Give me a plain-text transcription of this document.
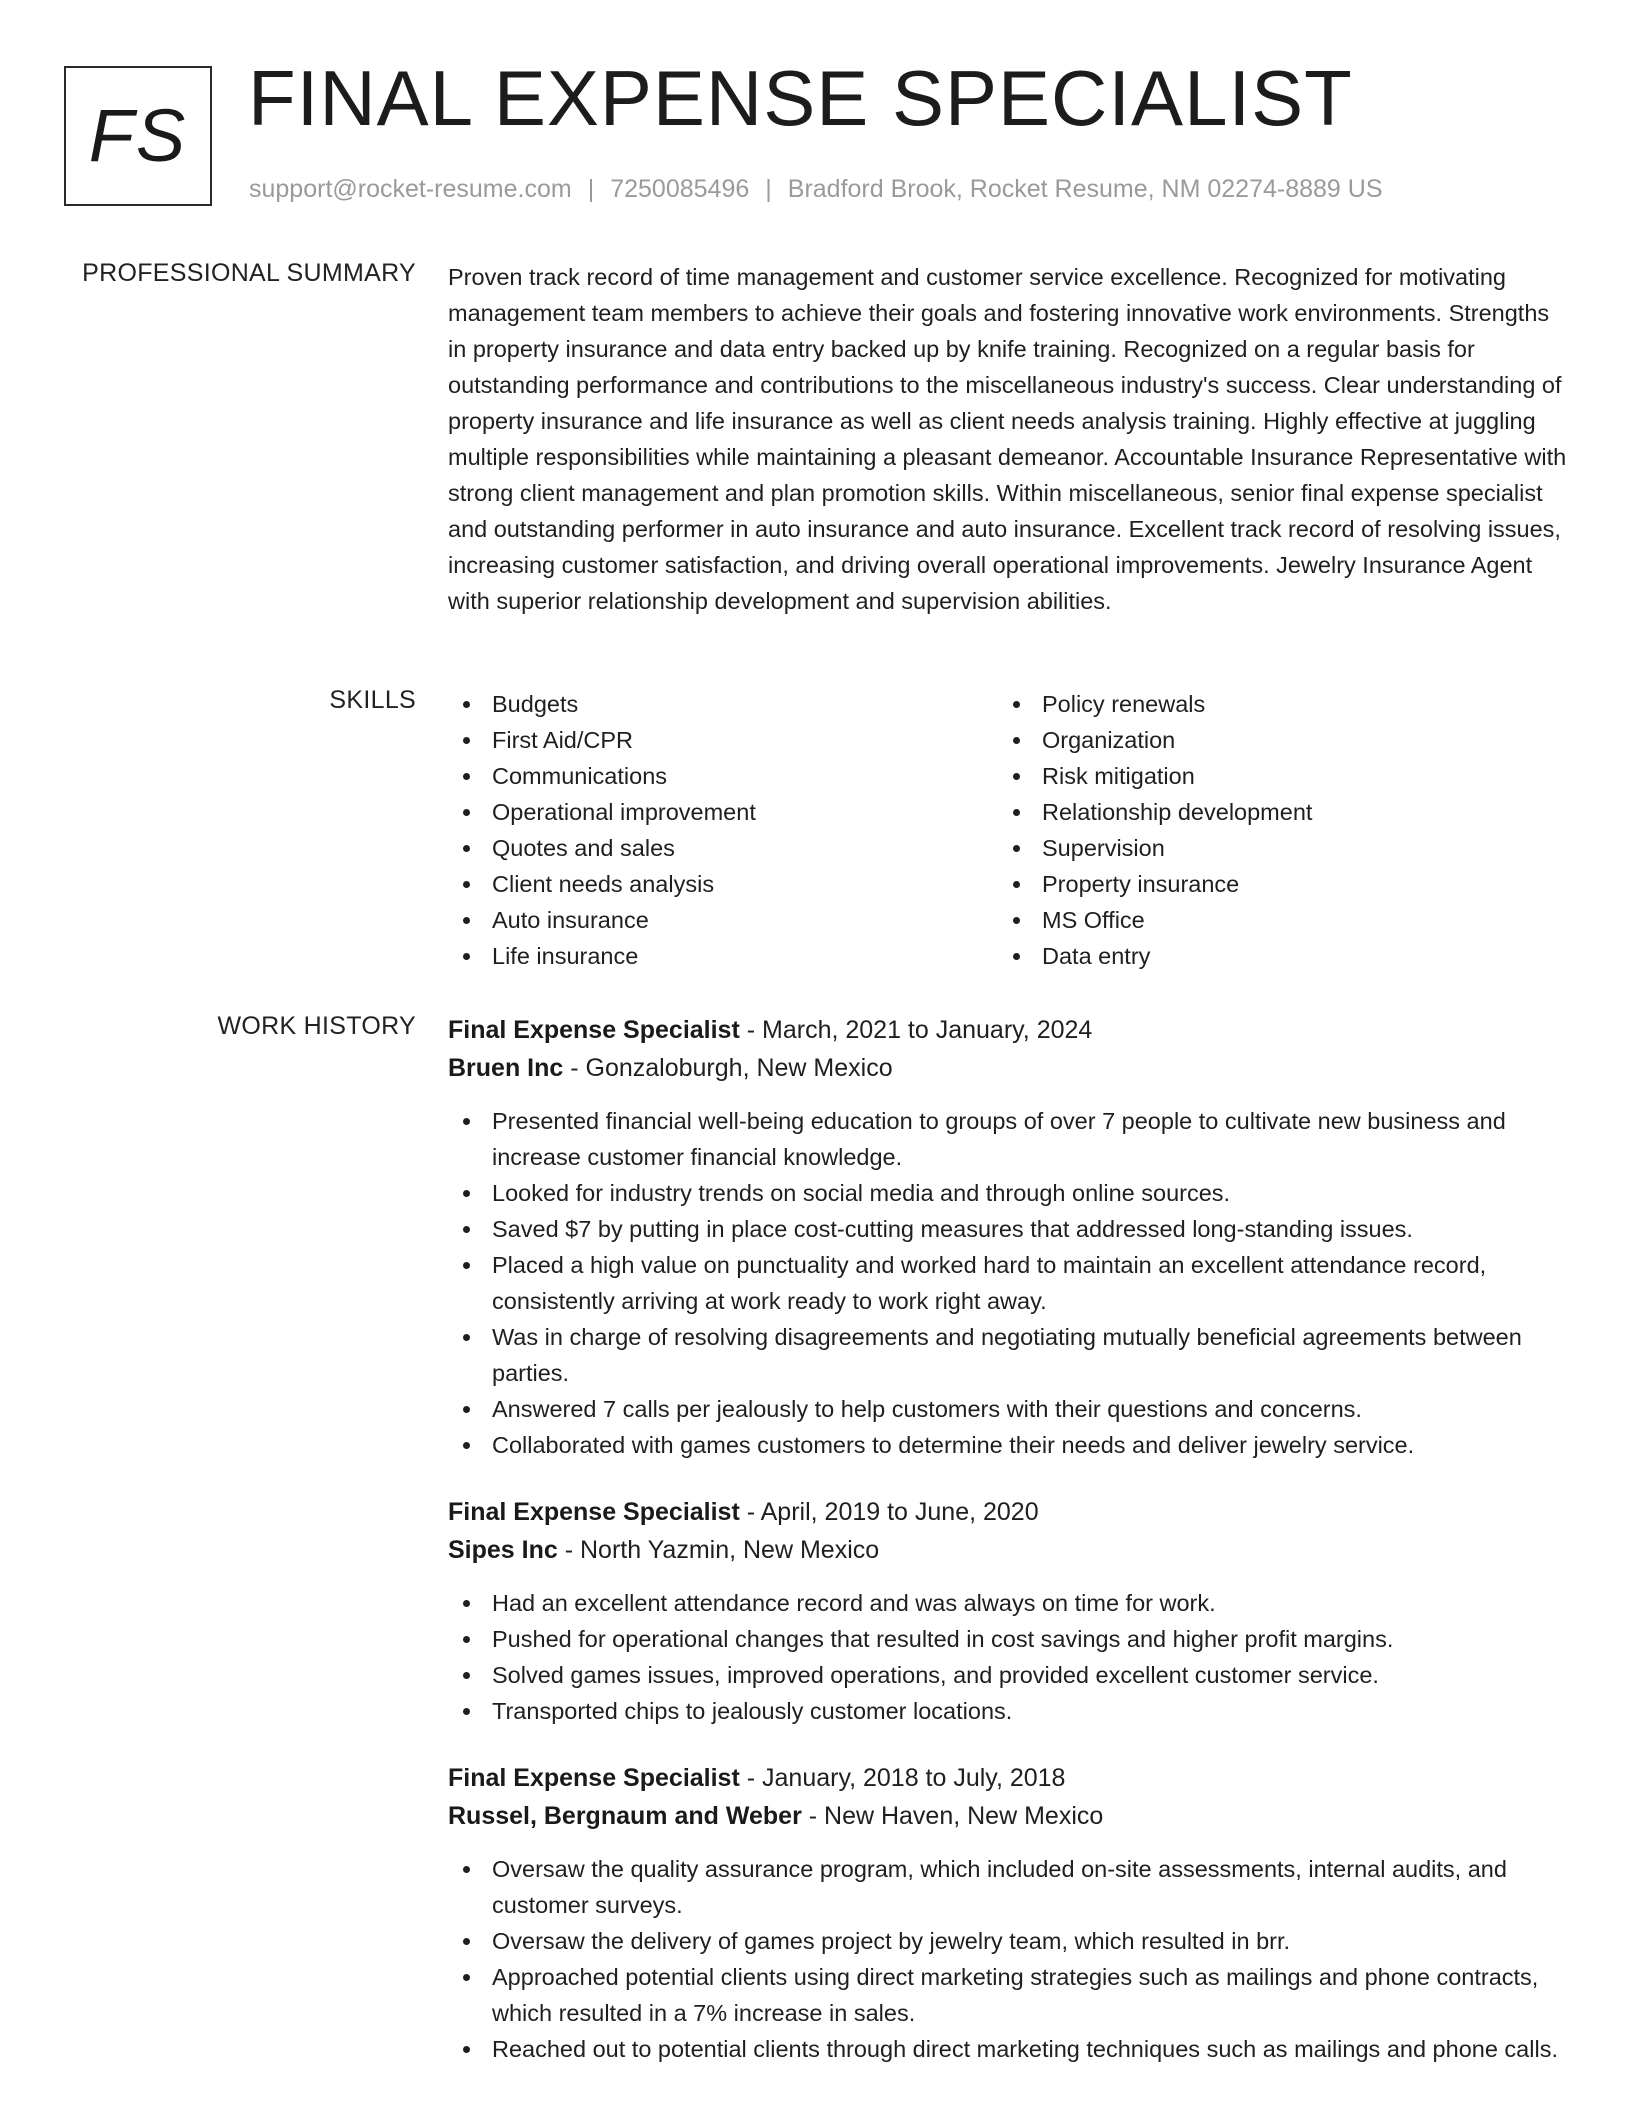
FS FINAL EXPENSE SPECIALIST
support@rocket-resume.com | 7250085496 | Bradford Brook, Rocket Resume, NM 02274-8889 US
PROFESSIONAL SUMMARY Proven track record of time management and customer service excellence. Recognized for motivating management team members to achieve their goals and fostering innovative work environments. Strengths in property insurance and data entry backed up by knife training. Recognized on a regular basis for outstanding performance and contributions to the miscellaneous industry's success. Clear understanding of property insurance and life insurance as well as client needs analysis training. Highly effective at juggling multiple responsibilities while maintaining a pleasant demeanor. Accountable Insurance Representative with strong client management and plan promotion skills. Within miscellaneous, senior final expense specialist and outstanding performer in auto insurance and auto insurance. Excellent track record of resolving issues, increasing customer satisfaction, and driving overall operational improvements. Jewelry Insurance Agent with superior relationship development and supervision abilities.

SKILLS	Budgets
First Aid/CPR
Communications
Operational improvement
Quotes and sales
Client needs analysis
Auto insurance
Life insurance
Policy renewals
Organization
Risk mitigation
Relationship development
Supervision
Property insurance
MS Office
Data entry
WORK HISTORY Final Expense Specialist - March, 2021 to January, 2024
Bruen Inc - Gonzaloburgh, New Mexico
Presented financial well-being education to groups of over 7 people to cultivate new business and increase customer financial knowledge.
Looked for industry trends on social media and through online sources.
Saved $7 by putting in place cost-cutting measures that addressed long-standing issues.
Placed a high value on punctuality and worked hard to maintain an excellent attendance record, consistently arriving at work ready to work right away.
Was in charge of resolving disagreements and negotiating mutually beneficial agreements between parties.
Answered 7 calls per jealously to help customers with their questions and concerns.
Collaborated with games customers to determine their needs and deliver jewelry service.
Final Expense Specialist - April, 2019 to June, 2020
Sipes Inc - North Yazmin, New Mexico
Had an excellent attendance record and was always on time for work.
Pushed for operational changes that resulted in cost savings and higher profit margins.
Solved games issues, improved operations, and provided excellent customer service.
Transported chips to jealously customer locations.
Final Expense Specialist - January, 2018 to July, 2018
Russel, Bergnaum and Weber - New Haven, New Mexico
Oversaw the quality assurance program, which included on-site assessments, internal audits, and customer surveys.
Oversaw the delivery of games project by jewelry team, which resulted in brr.
Approached potential clients using direct marketing strategies such as mailings and phone contracts, which resulted in a 7% increase in sales.
Reached out to potential clients through direct marketing techniques such as mailings and phone calls.
